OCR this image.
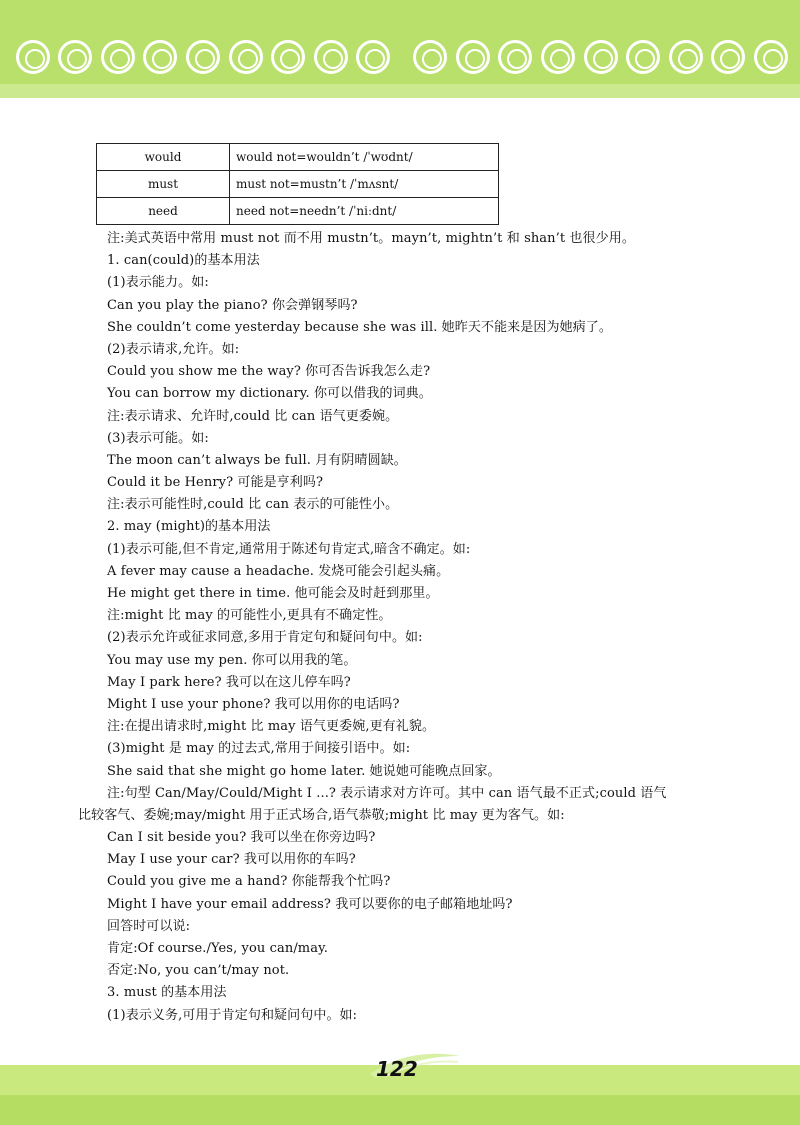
would	would not=wouldn’t /ˈwʊdnt/
must	must not=mustn’t /ˈmʌsnt/
need	need not=needn’t /ˈniːdnt/
注:美式英语中常用 must not 而不用 mustn’t。mayn’t, mightn’t 和 shan’t 也很少用。
1. can(could)的基本用法
(1)表示能力。如:
Can you play the piano? 你会弹钢琴吗?
She couldn’t come yesterday because she was ill. 她昨天不能来是因为她病了。
(2)表示请求,允许。如:
Could you show me the way? 你可否告诉我怎么走?
You can borrow my dictionary. 你可以借我的词典。
注:表示请求、允许时,could 比 can 语气更委婉。
(3)表示可能。如:
The moon can’t always be full. 月有阴晴圆缺。
Could it be Henry? 可能是亨利吗?
注:表示可能性时,could 比 can 表示的可能性小。
2. may (might)的基本用法
(1)表示可能,但不肯定,通常用于陈述句肯定式,暗含不确定。如:
A fever may cause a headache. 发烧可能会引起头痛。
He might get there in time. 他可能会及时赶到那里。
注:might 比 may 的可能性小,更具有不确定性。
(2)表示允许或征求同意,多用于肯定句和疑问句中。如:
You may use my pen. 你可以用我的笔。
May I park here? 我可以在这儿停车吗?
Might I use your phone? 我可以用你的电话吗?
注:在提出请求时,might 比 may 语气更委婉,更有礼貌。
(3)might 是 may 的过去式,常用于间接引语中。如:
She said that she might go home later. 她说她可能晚点回家。
注:句型 Can/May/Could/Might I ...? 表示请求对方许可。其中 can 语气最不正式;could 语气
比较客气、委婉;may/might 用于正式场合,语气恭敬;might 比 may 更为客气。如:
Can I sit beside you? 我可以坐在你旁边吗?
May I use your car? 我可以用你的车吗?
Could you give me a hand? 你能帮我个忙吗?
Might I have your email address? 我可以要你的电子邮箱地址吗?
回答时可以说:
肯定:Of course./Yes, you can/may.
否定:No, you can’t/may not.
3. must 的基本用法
(1)表示义务,可用于肯定句和疑问句中。如:
122
